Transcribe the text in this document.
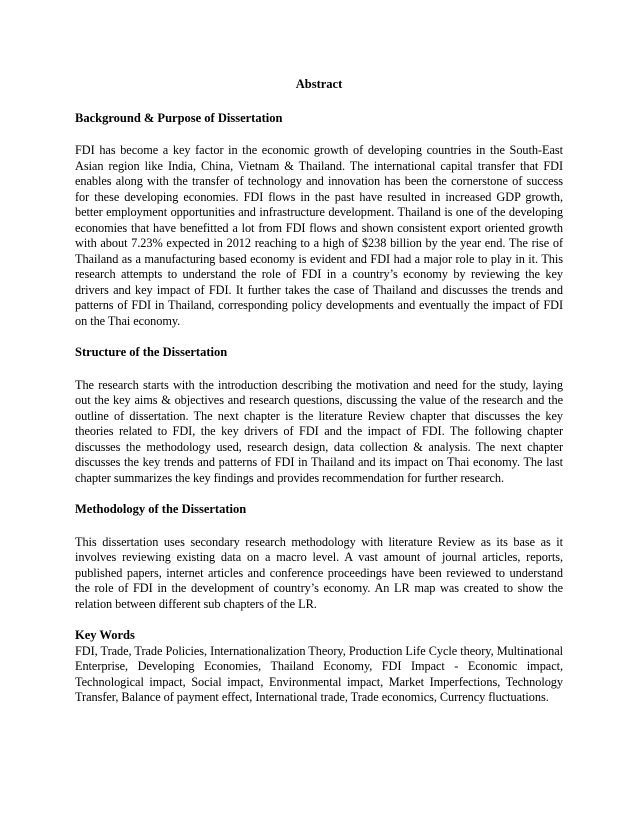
Abstract
Background & Purpose of Dissertation

FDI has become a key factor in the economic growth of developing countries in the South-East Asian region like India, China, Vietnam & Thailand. The international capital transfer that FDI enables along with the transfer of technology and innovation has been the cornerstone of success for these developing economies. FDI flows in the past have resulted in increased GDP growth, better employment opportunities and infrastructure development. Thailand is one of the developing economies that have benefitted a lot from FDI flows and shown consistent export oriented growth with about 7.23% expected in 2012 reaching to a high of $238 billion by the year end. The rise of Thailand as a manufacturing based economy is evident and FDI had a major role to play in it. This research attempts to understand the role of FDI in a country’s economy by reviewing the key drivers and key impact of FDI. It further takes the case of Thailand and discusses the trends and patterns of FDI in Thailand, corresponding policy developments and eventually the impact of FDI on the Thai economy.

Structure of the Dissertation

The research starts with the introduction describing the motivation and need for the study, laying out the key aims & objectives and research questions, discussing the value of the research and the outline of dissertation. The next chapter is the literature Review chapter that discusses the key theories related to FDI, the key drivers of FDI and the impact of FDI. The following chapter discusses the methodology used, research design, data collection & analysis. The next chapter discusses the key trends and patterns of FDI in Thailand and its impact on Thai economy. The last chapter summarizes the key findings and provides recommendation for further research.

Methodology of the Dissertation

This dissertation uses secondary research methodology with literature Review as its base as it involves reviewing existing data on a macro level. A vast amount of journal articles, reports, published papers, internet articles and conference proceedings have been reviewed to understand the role of FDI in the development of country’s economy. An LR map was created to show the relation between different sub chapters of the LR.

Key Words

FDI, Trade, Trade Policies, Internationalization Theory, Production Life Cycle theory, Multinational Enterprise, Developing Economies, Thailand Economy, FDI Impact - Economic impact, Technological impact, Social impact, Environmental impact, Market Imperfections, Technology Transfer, Balance of payment effect, International trade, Trade economics, Currency fluctuations.
